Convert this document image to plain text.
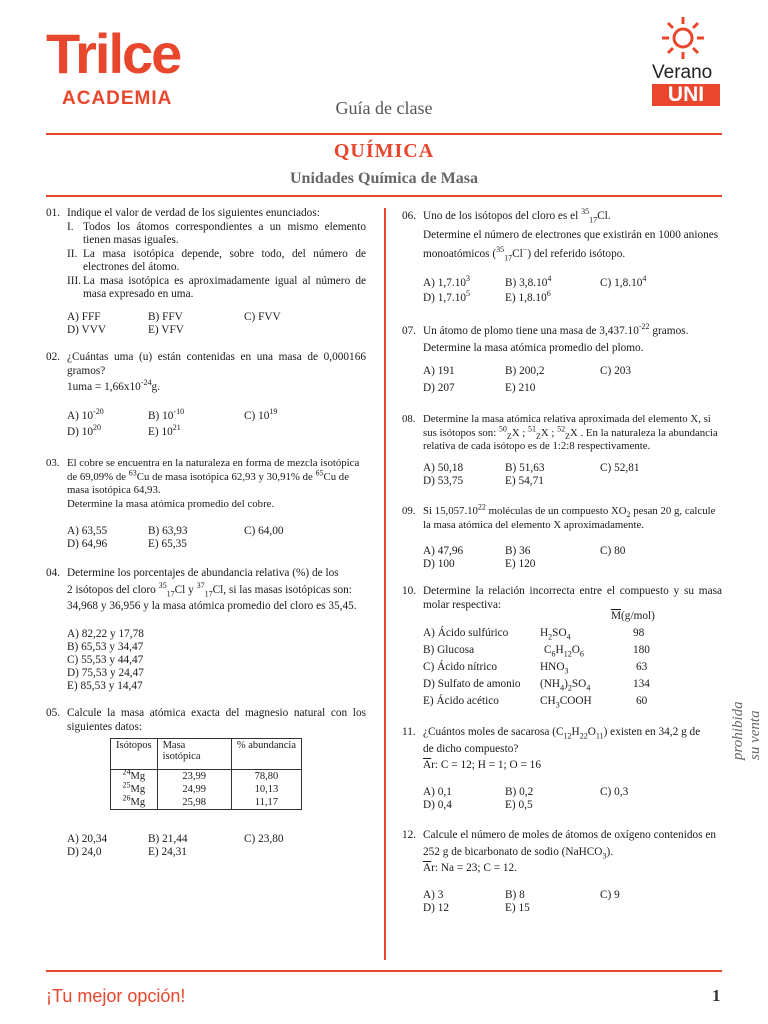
Trilce
ACADEMIA
Verano
UNI
Guía de clase
QUÍMICA
Unidades Química de Masa
01. Indique el valor de verdad de los siguientes enunciados:

I. Todos los átomos correspondientes a un mismo elemento tienen masas iguales.
II. La masa isotópica depende, sobre todo, del número de electrones del átomo.
III. La masa isotópica es aproximadamente igual al número de masa expresado en uma.
A) FFF	B) FFV	C) FVV
D) VVV	E) VFV
02. ¿Cuántas uma (u) están contenidas en una masa de 0,000166 gramos?

$1uma = 1,66x10^{-24}g$.

A) $10^{-20}$	B) $10^{-10}$	C) $10^{19}$
D) $10^{20}$	E) $10^{21}$
03. El cobre se encuentra en la naturaleza en forma de mezcla isotópica

de 69,09% de $^{63}$Cu de masa isotópica 62,93 y 30,91% de $^{65}$Cu de

masa isotópica 64,93.

Determine la masa atómica promedio del cobre.

A) 63,55	B) 63,93	C) 64,00
D) 64,96	E) 65,35
04. Determine los porcentajes de abundancia relativa (%) de los

2 isótopos del cloro $^{35}_{17}$Cl y $^{37}_{17}$Cl, si las masas isotópicas son:

34,968 y 36,956 y la masa atómica promedio del cloro es 35,45.

A) 82,22 y 17,78
B) 65,53 y 34,47
C) 55,53 y 44,47
D) 75,53 y 24,47
E) 85,53 y 14,47
05. Calcule la masa atómica exacta del magnesio natural con los siguientes datos:

Isótopos	Masa isotópica	% abundancia
$^{24}$Mg	23,99	78,80
$^{25}$Mg	24,99	10,13
$^{26}$Mg	25,98	11,17
A) 20,34	B) 21,44	C) 23,80
D) 24,0	E) 24,31
06. Uno de los isótopos del cloro es el $^{35}_{17}$Cl.

Determine el número de electrones que existirán en 1000 aniones

monoatómicos ($^{35}_{17}$Cl−) del referido isótopo.

A) 1,7.10$^3$	B) 3,8.10$^4$	C) 1,8.10$^4$
D) 1,7.10$^5$	E) 1,8.10$^6$
07. Un átomo de plomo tiene una masa de $3,437.10^{-22}$ gramos.

Determine la masa atómica promedio del plomo.

A) 191	B) 200,2	C) 203
D) 207	E) 210
08. Determine la masa atómica relativa aproximada del elemento X, si

sus isótopos son: $^{50}_Z$X ; $^{51}_Z$X ; $^{52}_Z$X . En la naturaleza la abundancia

relativa de cada isótopo es de 1:2:8 respectivamente.

A) 50,18	B) 51,63	C) 52,81
D) 53,75	E) 54,71
09. Si 15,057.10$^{22}$ moléculas de un compuesto $XO_2$ pesan 20 g, calcule

la masa atómica del elemento X aproximadamente.

A) 47,96	B) 36	C) 80
D) 100	E) 120
10. Determine la relación incorrecta entre el compuesto y su masa molar respectiva:

$\overline{M}(g/mol)$
A) Ácido sulfúrico	$H_2SO_4$	98
B) Glucosa	$C_6H_{12}O_6$	180
C) Ácido nítrico	$HNO_3$	63
D) Sulfato de amonio $(NH_4)_2SO_4$	134
E) Ácido acético	$CH_3COOH$	60
11. ¿Cuántos moles de sacarosa $(C_{12}H_{22}O_{11})$ existen en 34,2 g de

de dicho compuesto?

$\overline{A}r$: C = 12; H = 1; O = 16

A) 0,1	B) 0,2	C) 0,3
D) 0,4	E) 0,5
12. Calcule el número de moles de átomos de oxígeno contenidos en

252 g de bicarbonato de sodio (NaHCO$_3$).

$\overline{A}r$: Na = 23; C = 12.

A) 3	B) 8	C) 9
D) 12	E) 15
prohibida su venta
¡Tu mejor opción!	1
